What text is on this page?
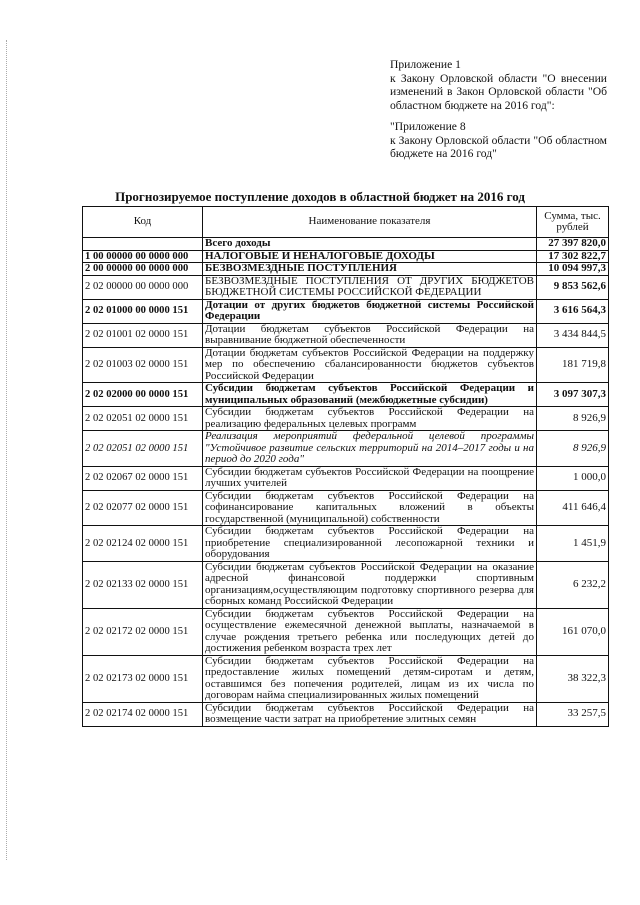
Приложение 1
к Закону Орловской области "О внесении изменений в Закон Орловской области "Об областном бюджете на 2016 год":
"Приложение 8
к Закону Орловской области "Об областном бюджете на 2016 год"
Прогнозируемое поступление доходов в областной бюджет на 2016 год
Код	Наименование показателя	Сумма, тыс. рублей
	Всего доходы	27 397 820,0
1 00 00000 00 0000 000	НАЛОГОВЫЕ И НЕНАЛОГОВЫЕ ДОХОДЫ	17 302 822,7
2 00 00000 00 0000 000	БЕЗВОЗМЕЗДНЫЕ ПОСТУПЛЕНИЯ	10 094 997,3
2 02 00000 00 0000 000	БЕЗВОЗМЕЗДНЫЕ ПОСТУПЛЕНИЯ ОТ ДРУГИХ БЮДЖЕТОВ БЮДЖЕТНОЙ СИСТЕМЫ РОССИЙСКОЙ ФЕДЕРАЦИИ	9 853 562,6
2 02 01000 00 0000 151	Дотации от других бюджетов бюджетной системы Российской Федерации	3 616 564,3
2 02 01001 02 0000 151	Дотации бюджетам субъектов Российской Федерации на выравнивание бюджетной обеспеченности	3 434 844,5
2 02 01003 02 0000 151	Дотации бюджетам субъектов Российской Федерации на поддержку мер по обеспечению сбалансированности бюджетов субъектов Российской Федерации	181 719,8
2 02 02000 00 0000 151	Субсидии бюджетам субъектов Российской Федерации и муниципальных образований (межбюджетные субсидии)	3 097 307,3
2 02 02051 02 0000 151	Субсидии бюджетам субъектов Российской Федерации на реализацию федеральных целевых программ	8 926,9
2 02 02051 02 0000 151	Реализация мероприятий федеральной целевой программы "Устойчивое развитие сельских территорий на 2014–2017 годы и на период до 2020 года"	8 926,9
2 02 02067 02 0000 151	Субсидии бюджетам субъектов Российской Федерации на поощрение лучших учителей	1 000,0
2 02 02077 02 0000 151	Субсидии бюджетам субъектов Российской Федерации на софинансирование капитальных вложений в объекты государственной (муниципальной) собственности	411 646,4
2 02 02124 02 0000 151	Субсидии бюджетам субъектов Российской Федерации на приобретение специализированной лесопожарной техники и оборудования	1 451,9
2 02 02133 02 0000 151	Субсидии бюджетам субъектов Российской Федерации на оказание адресной финансовой поддержки спортивным организациям,осуществляющим подготовку спортивного резерва для сборных команд Российской Федерации	6 232,2
2 02 02172 02 0000 151	Субсидии бюджетам субъектов Российской Федерации на осуществление ежемесячной денежной выплаты, назначаемой в случае рождения третьего ребенка или последующих детей до достижения ребенком возраста трех лет	161 070,0
2 02 02173 02 0000 151	Субсидии бюджетам субъектов Российской Федерации на предоставление жилых помещений детям-сиротам и детям, оставшимся без попечения родителей, лицам из их числа по договорам найма специализированных жилых помещений	38 322,3
2 02 02174 02 0000 151	Субсидии бюджетам субъектов Российской Федерации на возмещение части затрат на приобретение элитных семян	33 257,5
